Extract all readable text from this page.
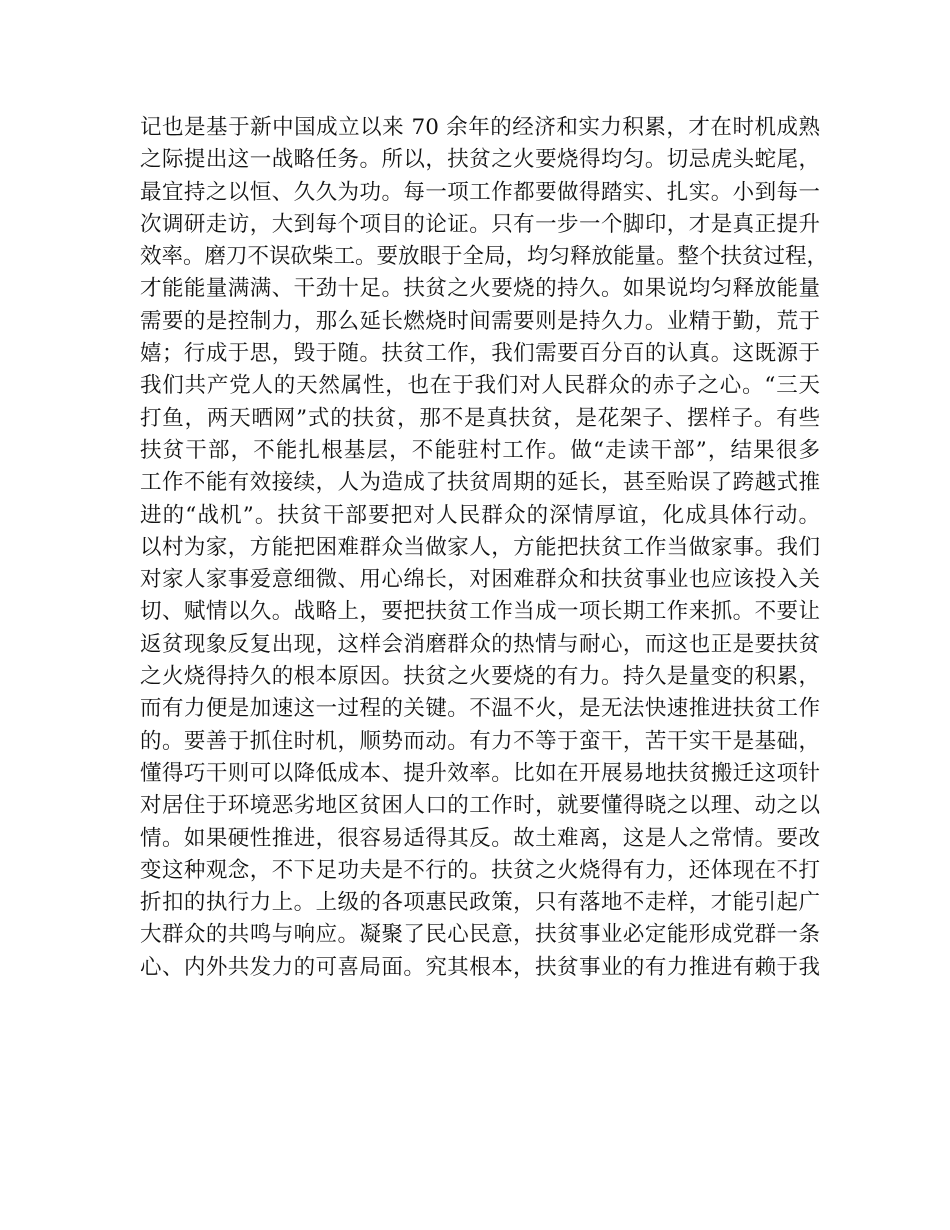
记也是基于新中国成立以来 70 余年的经济和实力积累，才在时机成熟
之际提出这一战略任务。所以，扶贫之火要烧得均匀。切忌虎头蛇尾，
最宜持之以恒、久久为功。每一项工作都要做得踏实、扎实。小到每一
次调研走访，大到每个项目的论证。只有一步一个脚印，才是真正提升
效率。磨刀不误砍柴工。要放眼于全局，均匀释放能量。整个扶贫过程，
才能能量满满、干劲十足。扶贫之火要烧的持久。如果说均匀释放能量
需要的是控制力，那么延长燃烧时间需要则是持久力。业精于勤，荒于
嬉；行成于思，毁于随。扶贫工作，我们需要百分百的认真。这既源于
我们共产党人的天然属性，也在于我们对人民群众的赤子之心。“三天
打鱼，两天晒网”式的扶贫，那不是真扶贫，是花架子、摆样子。有些
扶贫干部，不能扎根基层，不能驻村工作。做“走读干部”，结果很多
工作不能有效接续，人为造成了扶贫周期的延长，甚至贻误了跨越式推
进的“战机”。扶贫干部要把对人民群众的深情厚谊，化成具体行动。
以村为家，方能把困难群众当做家人，方能把扶贫工作当做家事。我们
对家人家事爱意细微、用心绵长，对困难群众和扶贫事业也应该投入关
切、赋情以久。战略上，要把扶贫工作当成一项长期工作来抓。不要让
返贫现象反复出现，这样会消磨群众的热情与耐心，而这也正是要扶贫
之火烧得持久的根本原因。扶贫之火要烧的有力。持久是量变的积累，
而有力便是加速这一过程的关键。不温不火，是无法快速推进扶贫工作
的。要善于抓住时机，顺势而动。有力不等于蛮干，苦干实干是基础，
懂得巧干则可以降低成本、提升效率。比如在开展易地扶贫搬迁这项针
对居住于环境恶劣地区贫困人口的工作时，就要懂得晓之以理、动之以
情。如果硬性推进，很容易适得其反。故土难离，这是人之常情。要改
变这种观念，不下足功夫是不行的。扶贫之火烧得有力，还体现在不打
折扣的执行力上。上级的各项惠民政策，只有落地不走样，才能引起广
大群众的共鸣与响应。凝聚了民心民意，扶贫事业必定能形成党群一条
心、内外共发力的可喜局面。究其根本，扶贫事业的有力推进有赖于我
